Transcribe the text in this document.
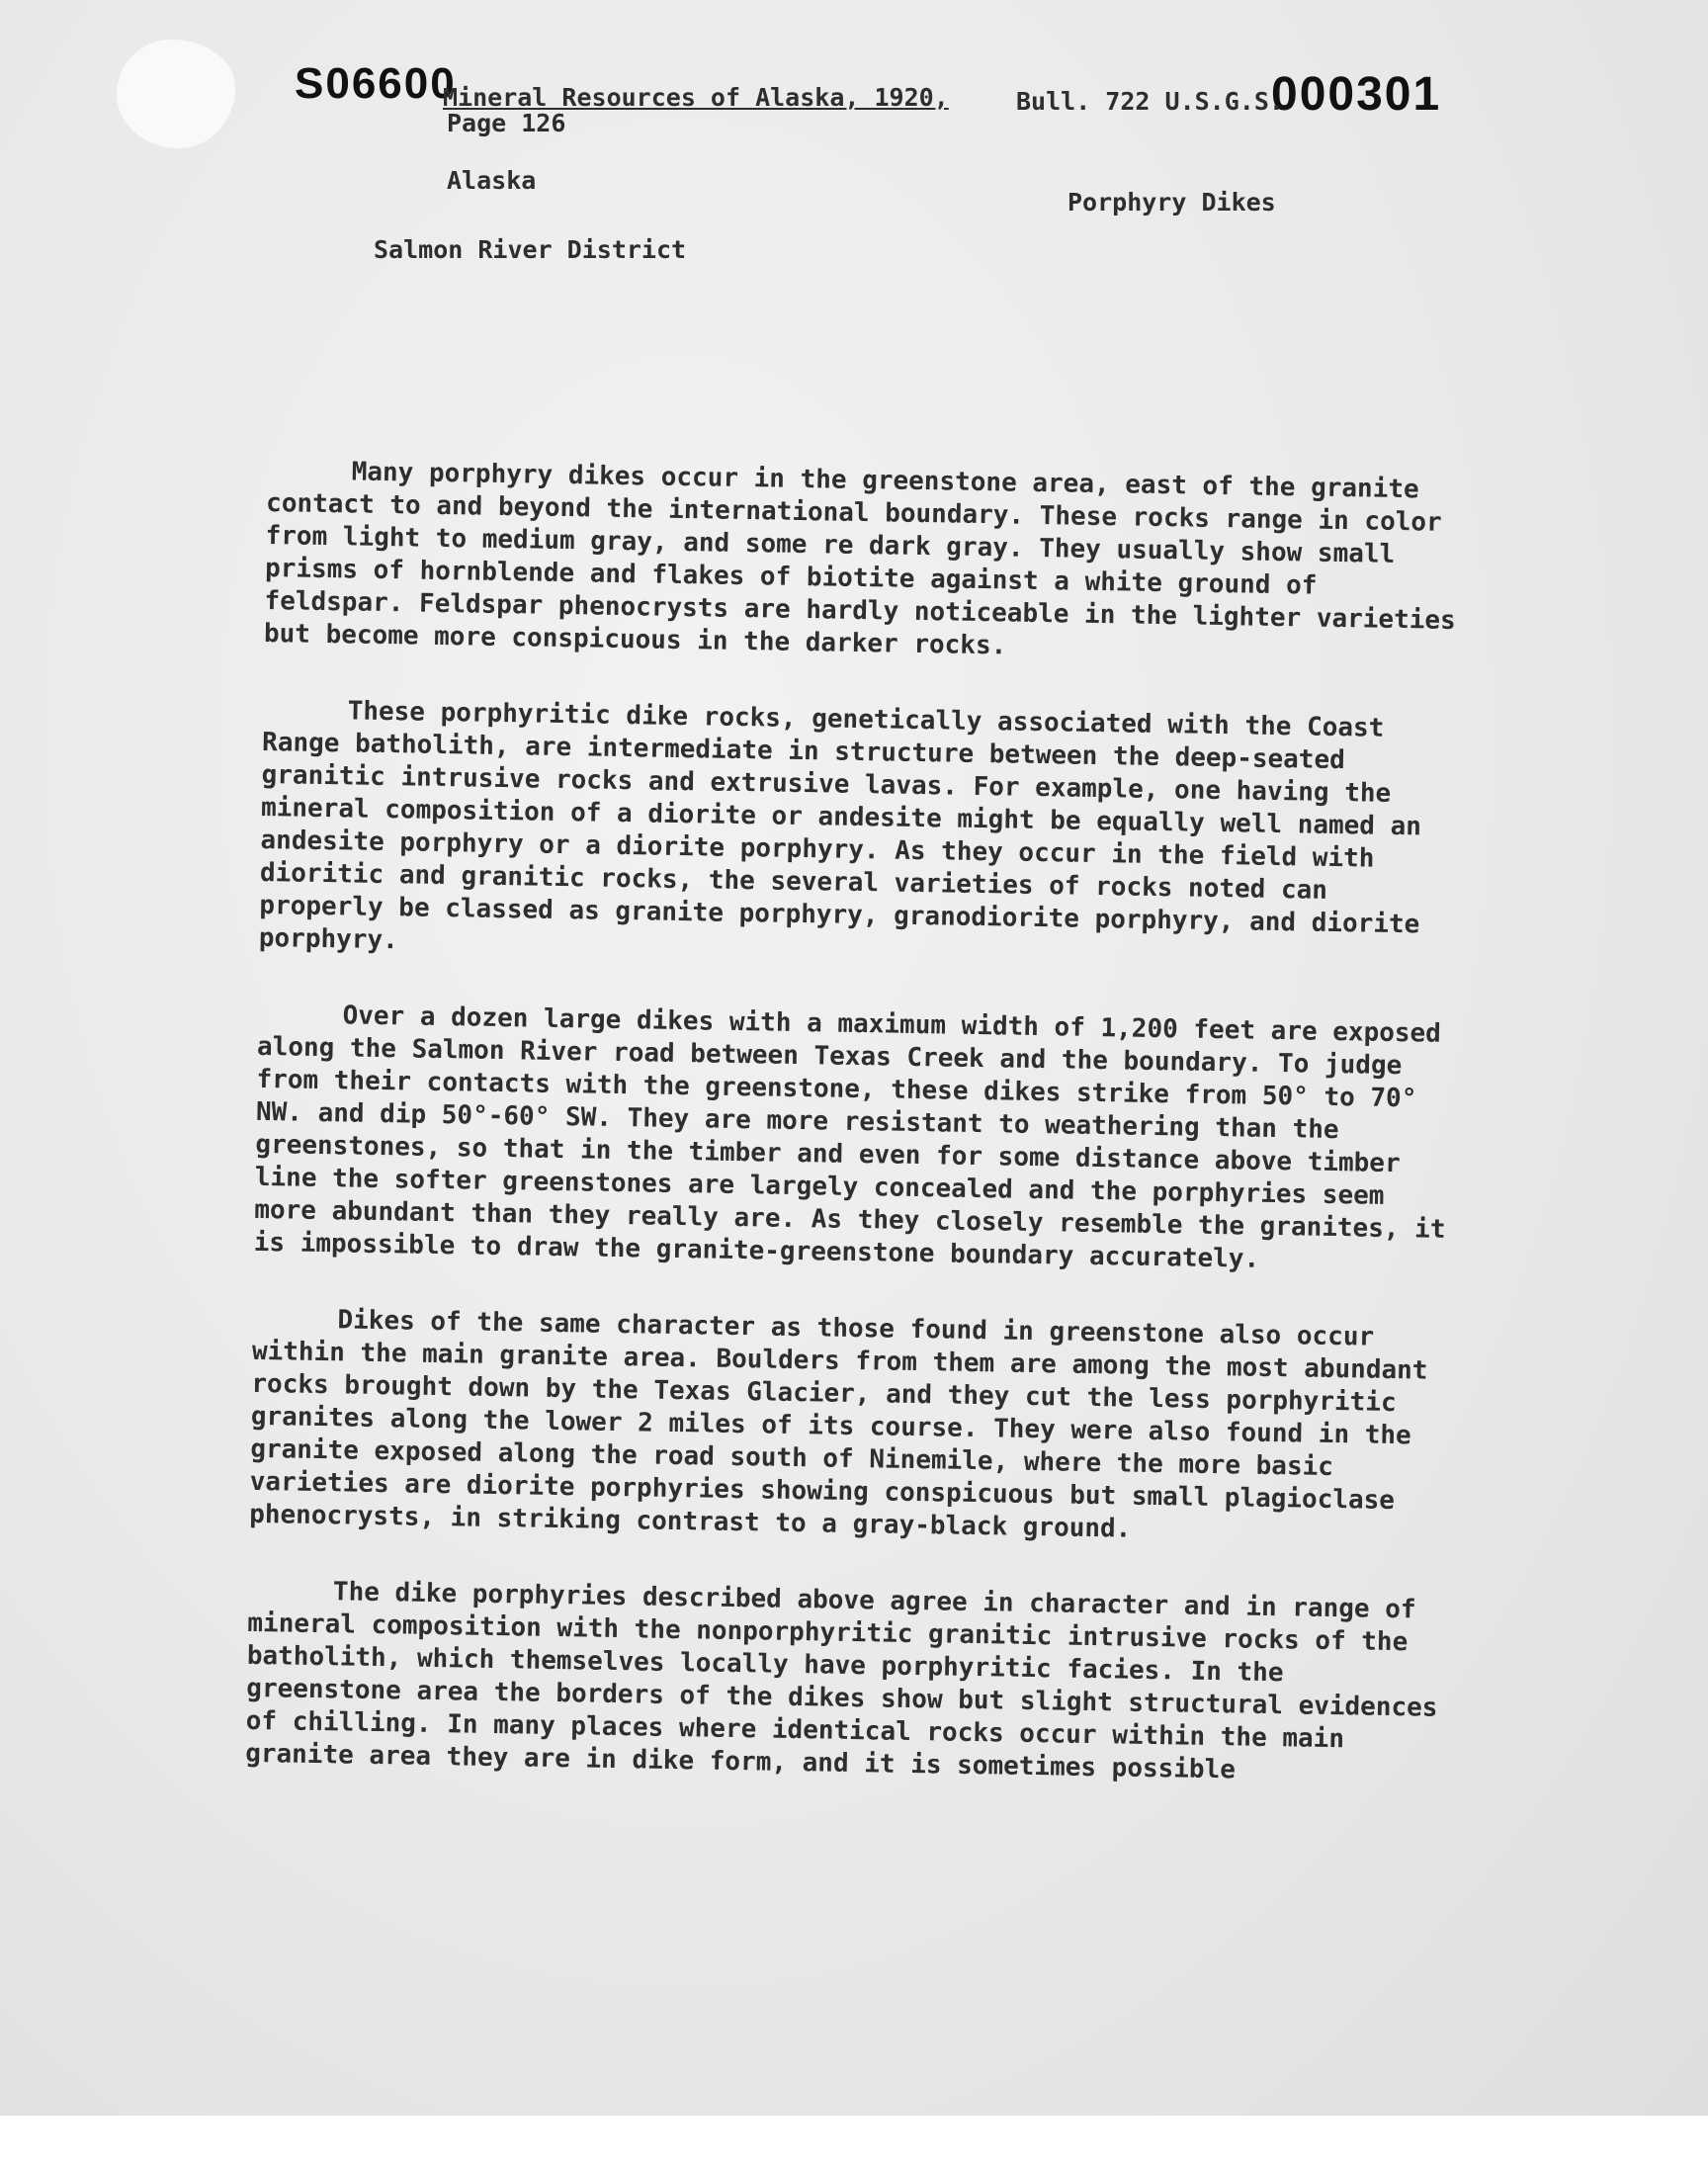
S06600	000301
Mineral Resources of Alaska, 1920,	Bull. 722 U.S.G.S.
Page 126
Alaska
Salmon River District
Porphyry Dikes

Many porphyry dikes occur in the greenstone area, east of the granite contact to and beyond the international boundary. These rocks range in color from light to medium gray, and some re dark gray. They usually show small prisms of hornblende and flakes of biotite against a white ground of feldspar. Feldspar phenocrysts are hardly noticeable in the lighter varieties but become more conspicuous in the darker rocks.

These porphyritic dike rocks, genetically associated with the Coast Range batholith, are intermediate in structure between the deep-seated granitic intrusive rocks and extrusive lavas. For example, one having the mineral composition of a diorite or andesite might be equally well named an andesite porphyry or a diorite porphyry. As they occur in the field with dioritic and granitic rocks, the several varieties of rocks noted can properly be classed as granite porphyry, granodiorite porphyry, and diorite porphyry.

Over a dozen large dikes with a maximum width of 1,200 feet are exposed along the Salmon River road between Texas Creek and the boundary. To judge from their contacts with the greenstone, these dikes strike from 50° to 70° NW. and dip 50°-60° SW. They are more resistant to weathering than the greenstones, so that in the timber and even for some distance above timber line the softer greenstones are largely concealed and the porphyries seem more abundant than they really are. As they closely resemble the granites, it is impossible to draw the granite-greenstone boundary accurately.

Dikes of the same character as those found in greenstone also occur within the main granite area. Boulders from them are among the most abundant rocks brought down by the Texas Glacier, and they cut the less porphyritic granites along the lower 2 miles of its course. They were also found in the granite exposed along the road south of Ninemile, where the more basic varieties are diorite porphyries showing conspicuous but small plagioclase phenocrysts, in striking contrast to a gray-black ground.

The dike porphyries described above agree in character and in range of mineral composition with the nonporphyritic granitic intrusive rocks of the batholith, which themselves locally have porphyritic facies. In the greenstone area the borders of the dikes show but slight structural evidences of chilling. In many places where identical rocks occur within the main granite area they are in dike form, and it is sometimes possible
